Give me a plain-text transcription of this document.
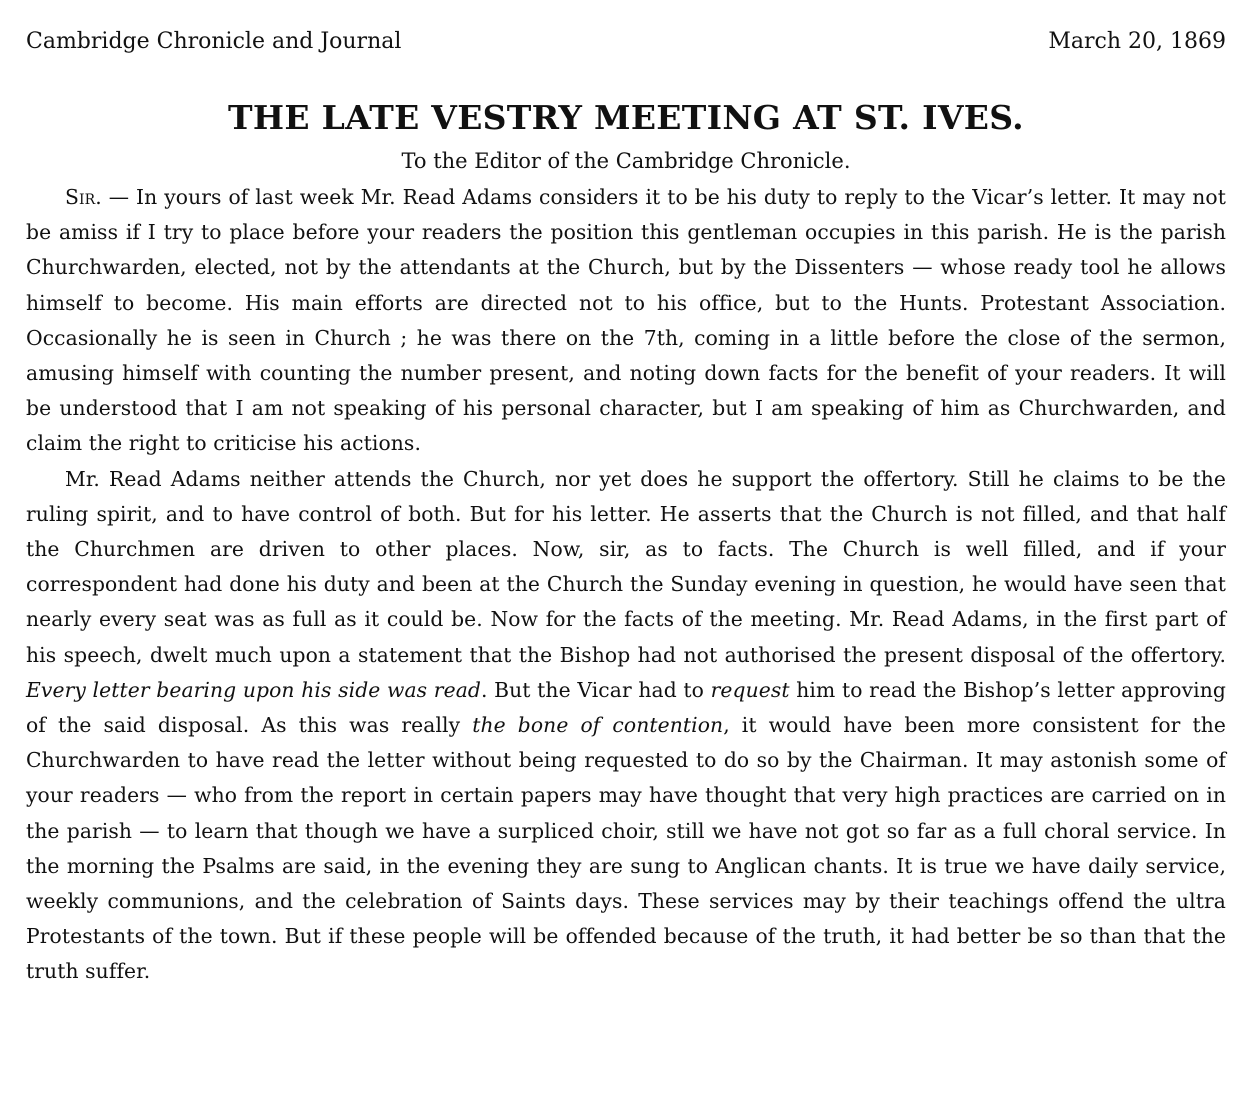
Cambridge Chronicle and Journal	March 20, 1869
THE LATE VESTRY MEETING AT ST. IVES.
To the Editor of the Cambridge Chronicle.

Sir. — In yours of last week Mr. Read Adams considers it to be his duty to reply to the Vicar’s letter. It may not be amiss if I try to place before your readers the position this gentleman occupies in this parish. He is the parish Churchwarden, elected, not by the attendants at the Church, but by the Dissenters — whose ready tool he allows himself to become. His main efforts are directed not to his office, but to the Hunts. Protestant Association. Occasionally he is seen in Church ; he was there on the 7th, coming in a little before the close of the sermon, amusing himself with counting the number present, and noting down facts for the benefit of your readers. It will be understood that I am not speaking of his personal character, but I am speaking of him as Churchwarden, and claim the right to criticise his actions.

Mr. Read Adams neither attends the Church, nor yet does he support the offertory. Still he claims to be the ruling spirit, and to have control of both. But for his letter. He asserts that the Church is not filled, and that half the Churchmen are driven to other places. Now, sir, as to facts. The Church is well filled, and if your correspondent had done his duty and been at the Church the Sunday evening in question, he would have seen that nearly every seat was as full as it could be. Now for the facts of the meeting. Mr. Read Adams, in the first part of his speech, dwelt much upon a statement that the Bishop had not authorised the present disposal of the offertory. Every letter bearing upon his side was read. But the Vicar had to request him to read the Bishop’s letter approving of the said disposal. As this was really the bone of contention, it would have been more consistent for the Churchwarden to have read the letter without being requested to do so by the Chairman. It may astonish some of your readers — who from the report in certain papers may have thought that very high practices are carried on in the parish — to learn that though we have a surpliced choir, still we have not got so far as a full choral service. In the morning the Psalms are said, in the evening they are sung to Anglican chants. It is true we have daily service, weekly communions, and the celebration of Saints days. These services may by their teachings offend the ultra Protestants of the town. But if these people will be offended because of the truth, it had better be so than that the truth suffer.
